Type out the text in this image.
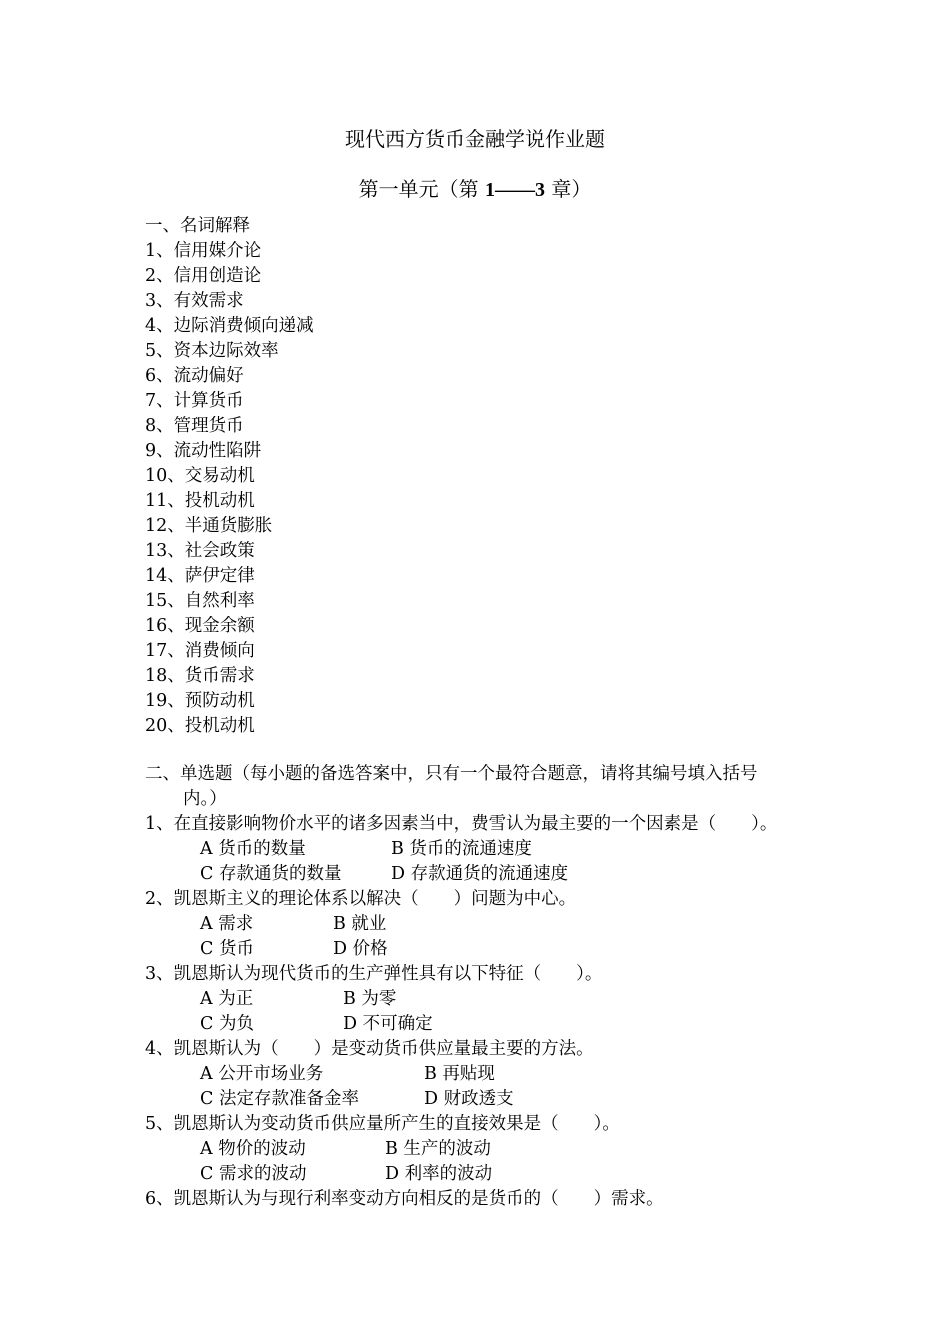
现代西方货币金融学说作业题
第一单元（第 1——3 章）
一、名词解释
1、信用媒介论
2、信用创造论
3、有效需求
4、边际消费倾向递减
5、资本边际效率
6、流动偏好
7、计算货币
8、管理货币
9、流动性陷阱
10、交易动机
11、投机动机
12、半通货膨胀
13、社会政策
14、萨伊定律
15、自然利率
16、现金余额
17、消费倾向
18、货币需求
19、预防动机
20、投机动机
二、单选题（每小题的备选答案中，只有一个最符合题意，请将其编号填入括号
内。）
1、在直接影响物价水平的诸多因素当中，费雪认为最主要的一个因素是（　　）。
A 货币的数量	B 货币的流通速度
C 存款通货的数量	D 存款通货的流通速度
2、凯恩斯主义的理论体系以解决（　　）问题为中心。
A 需求	B 就业
C 货币	D 价格
3、凯恩斯认为现代货币的生产弹性具有以下特征（　　）。
A 为正	B 为零
C 为负	D 不可确定
4、凯恩斯认为（　　）是变动货币供应量最主要的方法。
A 公开市场业务	B 再贴现
C 法定存款准备金率	D 财政透支
5、凯恩斯认为变动货币供应量所产生的直接效果是（　　）。
A 物价的波动	B 生产的波动
C 需求的波动	D 利率的波动
6、凯恩斯认为与现行利率变动方向相反的是货币的（　　）需求。
